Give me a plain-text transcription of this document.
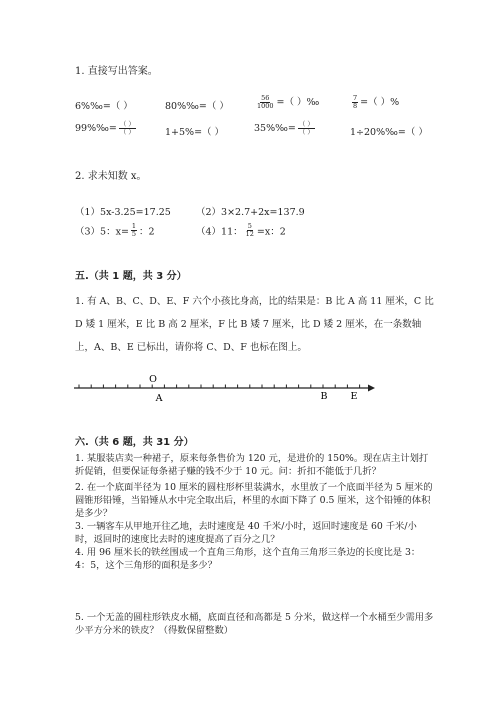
1. 直接写出答案。
6%‰=（ ）	80%‰=（ ）	$\frac{56}{1000}$ =（ ）‰	$\frac{7}{8}$ =（ ）%
99%‰= $\frac{( )}{( )}$	1+5%=（ ）	35%‰= $\frac{( )}{( )}$	1÷20%‰=（ ）
2. 求未知数 x。
（1）5x-3.25=17.25	（2）3×2.7+2x=137.9
（3）5：$x= \frac{1}{5}$ ：2	（4）11： $\frac{5}{12} =x$：2
五.（共 1 题，共 3 分）
1. 有 A、B、C、D、E、F 六个小孩比身高，比的结果是：B 比 A 高 11 厘米，C 比 D 矮 1 厘米，E 比 B 高 2 厘米，F 比 B 矮 7 厘米，比 D 矮 2 厘米，在一条数轴上，A、B、E 已标出，请你将 C、D、F 也标在图上。
O
A	B E
六.（共 6 题，共 31 分）
1. 某服装店卖一种裙子，原来每条售价为 120 元，是进价的 150%。现在店主计划打折促销，但要保证每条裙子赚的钱不少于 10 元。问：折扣不能低于几折？
2. 在一个底面半径为 10 厘米的圆柱形杯里装满水，水里放了一个底面半径为 5 厘米的圆锥形铅锤，当铅锤从水中完全取出后，杯里的水面下降了 0.5 厘米，这个铅锤的体积是多少？
3. 一辆客车从甲地开往乙地，去时速度是 40 千米/小时，返回时速度是 60 千米/小时，返回时的速度比去时的速度提高了百分之几？
4. 用 96 厘米长的铁丝围成一个直角三角形，这个直角三角形三条边的长度比是 3：4：5，这个三角形的面积是多少？
5. 一个无盖的圆柱形铁皮水桶，底面直径和高都是 5 分米，做这样一个水桶至少需用多少平方分米的铁皮？（得数保留整数）
